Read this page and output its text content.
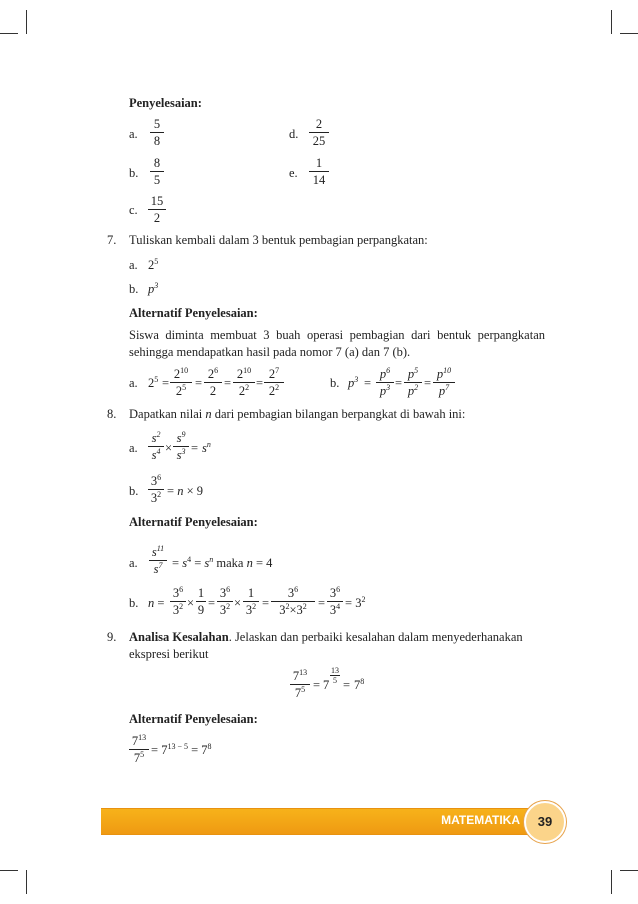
Penyelesaian:
a. $\frac{5}{8}$
b. $\frac{8}{5}$
c. $\frac{15}{2}$
d. $\frac{2}{25}$
e. $\frac{1}{14}$
7. Tuliskan kembali dalam 3 bentuk pembagian perpangkatan:
a. $2^5$
b. $p^3$
Alternatif Penyelesaian:
Siswa diminta membuat 3 buah operasi pembagian dari bentuk perpangkatan sehingga mendapatkan hasil pada nomor 7 (a) dan 7 (b).
a. $2^5 = \frac{2^{10}}{2^5} = \frac{2^6}{2} = \frac{2^{10}}{2^2} = \frac{2^7}{2^2}$	b. $p^3 = \frac{p^6}{p^3} = \frac{p^5}{p^2} = \frac{p^{10}}{p^7}$
8. Dapatkan nilai n dari pembagian bilangan berpangkat di bawah ini:
a. $\frac{s^2}{s^4} \times \frac{s^9}{s^3} = s^n$
b. $\frac{3^6}{3^2} = n \times 9$
Alternatif Penyelesaian:
a. $\frac{s^{11}}{s^7} = s^4 = s^n$ maka n = 4
b. $n = \frac{3^6}{3^2} \times \frac{1}{9} = \frac{3^6}{3^2} \times \frac{1}{3^2} = \frac{3^6}{3^2\times 3^2} = \frac{3^6}{3^4} = 3^2$
9. Analisa Kesalahan. Jelaskan dan perbaiki kesalahan dalam menyederhanakan
ekspresi berikut
$\frac{7^{13}}{7^5} = 7$
13
$5 = 7^8$
Alternatif Penyelesaian:
$\frac{7^{13}}{7^5} = 7^{13 - 5} = 7^8$
MATEMATIKA	39
